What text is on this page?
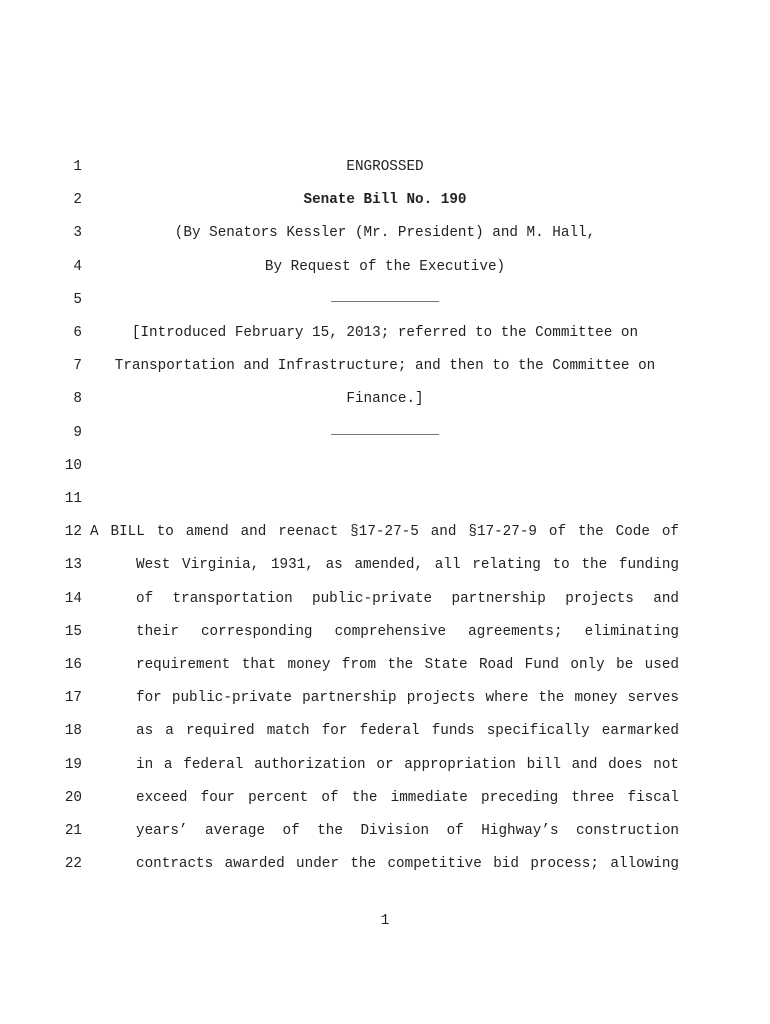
1	ENGROSSED
2	Senate Bill No. 190
3	(By Senators Kessler (Mr. President) and M. Hall,
4	By Request of the Executive)
5
6	[Introduced February 15, 2013; referred to the Committee on
7	Transportation and Infrastructure; and then to the Committee on
8	Finance.]
9
10
11
12 A BILL to amend and reenact §17-27-5 and §17-27-9 of the Code of
13	West Virginia, 1931, as amended, all relating to the funding
14	of transportation public-private partnership projects and
15	their corresponding comprehensive agreements; eliminating
16	requirement that money from the State Road Fund only be used
17	for public-private partnership projects where the money serves
18	as a required match for federal funds specifically earmarked
19	in a federal authorization or appropriation bill and does not
20	exceed four percent of the immediate preceding three fiscal
21	years’ average of the Division of Highway’s construction
22	contracts awarded under the competitive bid process; allowing
1
